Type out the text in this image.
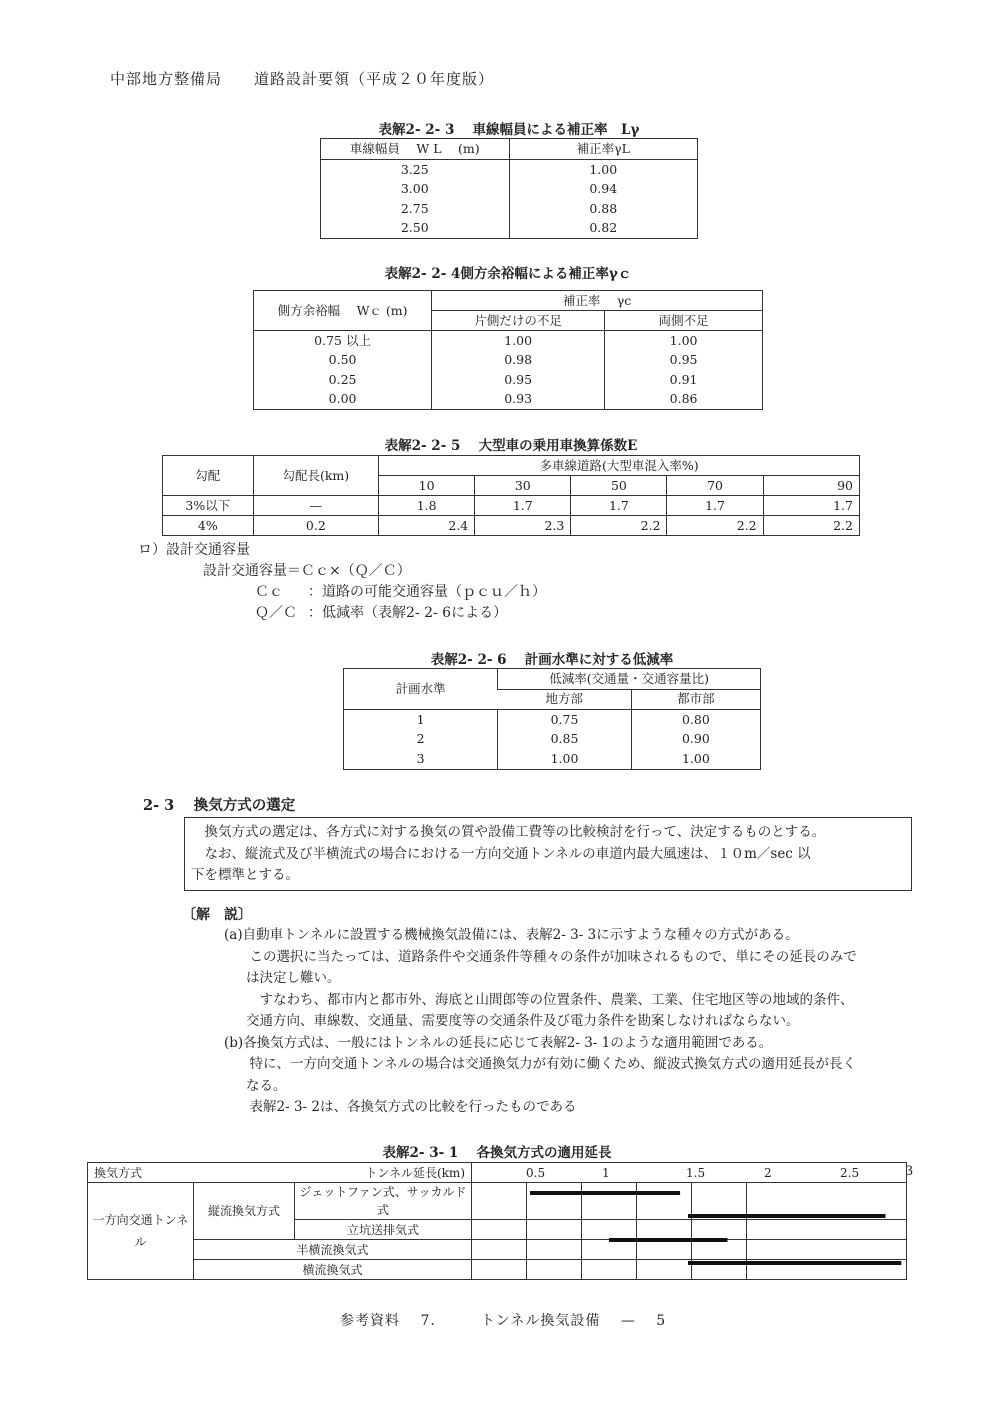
中部地方整備局　　道路設計要領（平成２０年度版）
表解2- 2- 3　 車線幅員による補正率　Lγ
車線幅員　 W L　 (m)	補正率γL
3.25	1.00
3.00	0.94
2.75	0.88
2.50	0.82
表解2- 2- 4側方余裕幅による補正率γｃ
側方余裕幅　 Wｃ (m)	補正率　 γc	
	片側だけの不足	両側不足
0.75 以上	1.00	1.00
0.50	0.98	0.95
0.25	0.95	0.91
0.00	0.93	0.86
表解2- 2- 5　 大型車の乗用車換算係数E
勾配	勾配長(km)	多車線道路(大型車混入率%)				
		10	30	50	70	90
3%以下	—	1.8	1.7	1.7	1.7	1.7
4%	0.2	2.4	2.3	2.2	2.2	2.2
ロ）設計交通容量
設計交通容量＝Ｃｃ×（Ｑ／Ｃ）
Ｃｃ ：道路の可能交通容量（ｐｃｕ／ｈ）
Ｑ／Ｃ ：低減率（表解2- 2- 6による）
表解2- 2- 6　 計画水準に対する低減率
計画水準	低減率(交通量・交通容量比)	
	地方部	都市部
1	0.75	0.80
2	0.85	0.90
3	1.00	1.00
2- 3　 換気方式の選定

　換気方式の選定は、各方式に対する換気の質や設備工費等の比較検討を行って、決定するものとする。

　なお、縦流式及び半横流式の場合における一方向交通トンネルの車道内最大風速は、１０m／sec 以

下を標準とする。

〔解　説〕
(a)自動車トンネルに設置する機械換気設備には、表解2- 3- 3に示すような種々の方式がある。
　この選択に当たっては、道路条件や交通条件等種々の条件が加味されるもので、単にその延長のみで
は決定し難い。
　すなわち、都市内と都市外、海底と山間郎等の位置条件、農業、工業、住宅地区等の地域的条件、
交通方向、車線数、交通量、需要度等の交通条件及び電力条件を勘案しなければならない。
(b)各換気方式は、一般にはトンネルの延長に応じて表解2- 3- 1のような適用範囲である。
　特に、一方向交通トンネルの場合は交通換気力が有効に働くため、縦波式換気方式の適用延長が長く
なる。
　表解2- 3- 2は、各換気方式の比較を行ったものである
表解2- 3- 1　 各換気方式の適用延長
換気方式		トンネル延長(km)	0.5 1 1.5 2 2.5					
一方向交通トンネル	縦流換気方式	ジェットファン式、サッカルド式						
		立坑送排気式						
	半横流換気式							
	横流換気式							
3
参考資料　 7.　　　トンネル換気設備　 —　 5
